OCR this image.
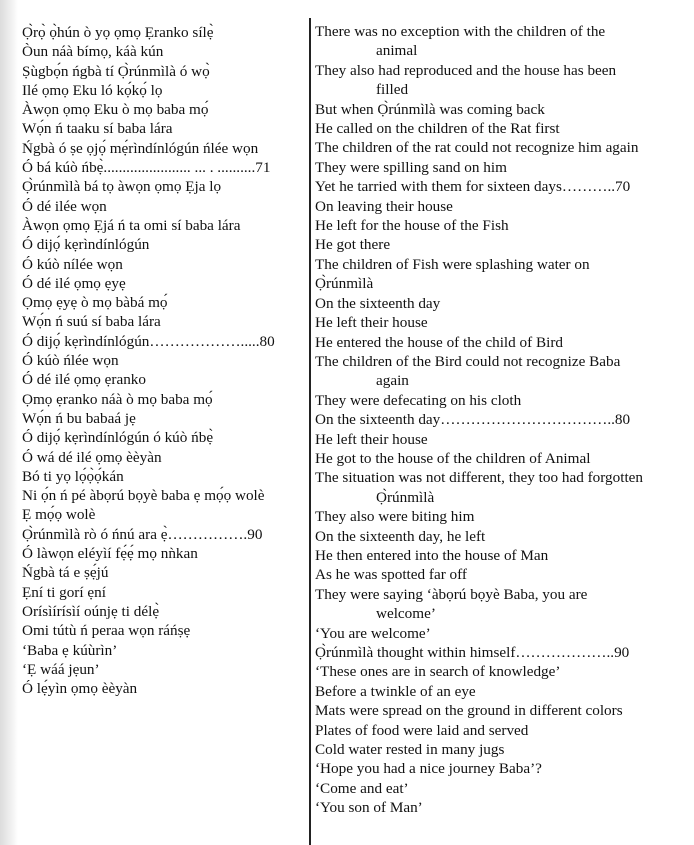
Ọ̀rọ̀ ọ̀hún ò yọ ọmọ Ẹranko sílẹ̀
Òun náà bímọ, káà kún
Ṣùgbọ́n ńgbà tí Ọ̀rúnmìlà ó wọ̀
Ilé ọmọ Eku ló kọ́kọ́ lọ
Àwọn ọmọ Eku ò mọ baba mọ́
Wọ́n ń taaku sí baba lára
Ńgbà ó ṣe ọjọ́ mẹ́rìndínlógún ńlée wọn
Ó bá kúò ńbẹ̀....................... ... . ..........71
Ọ̀rúnmìlà bá tọ àwọn ọmọ Ẹja lọ
Ó dé ilée wọn
Àwọn ọmọ Ẹjá ń ta omi sí baba lára
Ó dijọ́ kẹrìndínlógún
Ó kúò nílée wọn
Ó dé ilé ọmọ ẹyẹ
Ọmọ ẹyẹ ò mọ bàbá mọ́
Wọ́n ń suú sí baba lára
Ó dijọ́ kẹrìndínlógún……………….....80
Ó kúò ńlée wọn
Ó dé ilé ọmọ ẹranko
Ọmọ ẹranko náà ò mọ baba mọ́
Wọ́n ń bu babaá jẹ
Ó dijọ́ kẹrìndínlógún ó kúò ńbẹ̀
Ó wá dé ilé ọmọ èèyàn
Bó ti yọ lọ́ọ̀ọ́kán
Ni ọ́n ń pé àbọrú bọyè baba ẹ mọ́ọ wolè
Ẹ mọ́ọ wolè
Ọ̀rúnmìlà rò ó ńnú ara ẹ̀…………….90
Ó làwọn eléyìí fẹ́ẹ́ mọ nǹkan
Ńgbà tá e ṣẹ́jú
Ẹní ti gorí ẹní
Orísìírísìí oúnjẹ ti délẹ̀
Omi tútù ń peraa wọn ráńṣẹ
‘Baba ẹ kúùrìn’
‘Ẹ wáá jẹun’
Ó lẹ́yìn ọmọ èèyàn
There was no exception with the children of the
animal
They also had reproduced and the house has been
filled
But when Ọ̀rúnmìlà was coming back
He called on the children of the Rat first
The children of the rat could not recognize him again
They were spilling sand on him
Yet he tarried with them for sixteen days………..70
On leaving their house
He left for the house of the Fish
He got there
The children of Fish were splashing water on
Ọ̀rúnmìlà
On the sixteenth day
He left their house
He entered the house of the child of Bird
The children of the Bird could not recognize Baba
again
They were defecating on his cloth
On the sixteenth day……………………………..80
He left their house
He got to the house of the children of Animal
The situation was not different, they too had forgotten
Ọ̀rúnmìlà
They also were biting him
On the sixteenth day, he left
He then entered into the house of Man
As he was spotted far off
They were saying ‘àbọrú bọyè Baba, you are
welcome’
‘You are welcome’
Ọ̀rúnmìlà thought within himself………………..90
‘These ones are in search of knowledge’
Before a twinkle of an eye
Mats were spread on the ground in different colors
Plates of food were laid and served
Cold water rested in many jugs
‘Hope you had a nice journey Baba’?
‘Come and eat’
‘You son of Man’
